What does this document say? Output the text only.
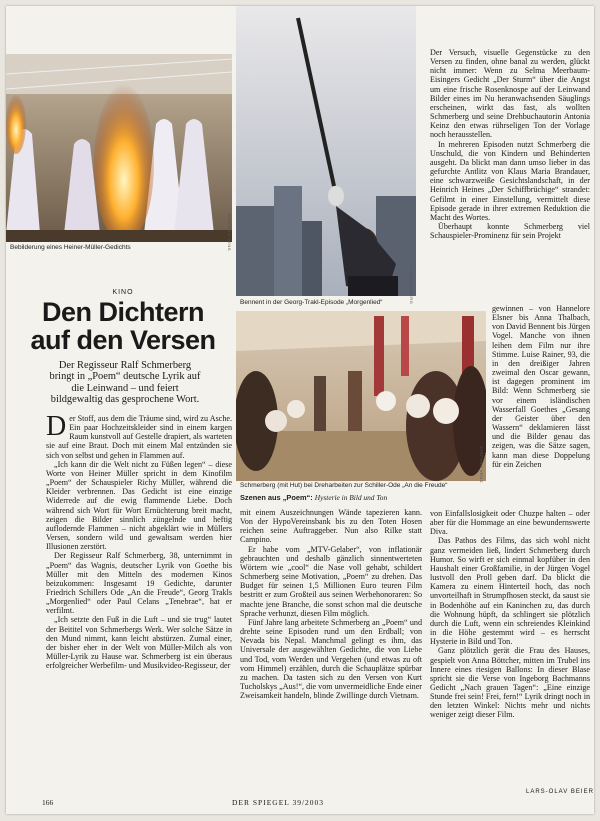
Bebilderung eines Heiner-Müller-Gedichts	STEPHAN VENS
Bennent in der Georg-Trakl-Episode „Morgenlied“	U. SCHMERBERG
STEPHAN VENS
Schmerberg (mit Hut) bei Dreharbeiten zur Schiller-Ode „An die Freude“
Szenen aus „Poem“: Hysterie in Bild und Ton
KINO
Den Dichtern
auf den Versen
Der Regisseur Ralf Schmerberg bringt in „Poem“ deutsche Lyrik auf die Leinwand – und feiert bildgewaltig das gesprochene Wort.

Der Stoff, aus dem die Träume sind, wird zu Asche. Ein paar Hochzeitskleider sind in einem kargen Raum kunstvoll auf Gestelle drapiert, als warteten sie auf eine Braut. Doch mit einem Mal entzünden sie sich von selbst und gehen in Flammen auf.

„Ich kann dir die Welt nicht zu Füßen legen“ – diese Worte von Heiner Müller spricht in dem Kinofilm „Poem“ der Schauspieler Richy Müller, während die Kleider verbrennen. Das Gedicht ist eine einzige Widerrede auf die ewig flammende Liebe. Doch während sich Wort für Wort Ernüchterung breit macht, zeigen die Bilder sinnlich züngelnde und heftig auflodernde Flammen – nicht abgeklärt wie in Müllers Versen, sondern wild und gewaltsam werden hier Illusionen zerstört.

Der Regisseur Ralf Schmerberg, 38, unternimmt in „Poem“ das Wagnis, deutscher Lyrik von Goethe bis Müller mit den Mitteln des modernen Kinos beizukommen: Insgesamt 19 Gedichte, darunter Friedrich Schillers Ode „An die Freude“, Georg Trakls „Morgenlied“ oder Paul Celans „Tenebrae“, hat er verfilmt.

„Ich setzte den Fuß in die Luft – und sie trug“ lautet der Beititel von Schmerbergs Werk. Wer solche Sätze in den Mund nimmt, kann leicht abstürzen. Zumal einer, der bisher eher in der Welt von Müller-Milch als von Müller-Lyrik zu Hause war. Schmerberg ist ein überaus erfolgreicher Werbefilm- und Musikvideo-Regisseur, der

mit einem Auszeichnungen Wände tapezieren kann. Von der HypoVereinsbank bis zu den Toten Hosen reichen seine Auftraggeber. Nun also Rilke statt Campino.

Er habe vom „MTV-Gelaber“, von inflationär gebrauchten und deshalb gänzlich sinnentwerteten Wörtern wie „cool“ die Nase voll gehabt, schildert Schmerberg seine Motivation, „Poem“ zu drehen. Das Budget für seinen 1,5 Millionen Euro teuren Film bestritt er zum Großteil aus seinen Werbehonoraren: So machte jene Branche, die sonst schon mal die deutsche Sprache verhunzt, diesen Film möglich.

Fünf Jahre lang arbeitete Schmerberg an „Poem“ und drehte seine Episoden rund um den Erdball; von Nevada bis Nepal. Manchmal gelingt es ihm, das Universale der ausgewählten Gedichte, die von Liebe und Tod, vom Werden und Vergehen (und etwas zu oft vom Himmel) erzählen, durch die Schauplätze spürbar zu machen. Da tasten sich zu den Versen von Kurt Tucholskys „Aus!“, die vom unvermeidliche Ende einer Zweisamkeit handeln, blinde Zwillinge durch Vietnam.

Der Versuch, visuelle Gegenstücke zu den Versen zu finden, ohne banal zu werden, glückt nicht immer: Wenn zu Selma Meerbaum-Eisingers Gedicht „Der Sturm“ über die Angst um eine frische Rosenknospe auf der Leinwand Bilder eines im Nu heranwachsenden Säuglings erscheinen, wirkt das fast, als wollten Schmerberg und seine Drehbuchautorin Antonia Keinz den etwas rührseligen Ton der Vorlage noch herausstellen.

In mehreren Episoden nutzt Schmerberg die Unschuld, die von Kindern und Behinderten ausgeht. Da blickt man dann umso lieber in das gefurchte Antlitz von Klaus Maria Brandauer, eine schwarzweiße Gesichtslandschaft, in der Heinrich Heines „Der Schiffbrüchige“ strandet: Gefilmt in einer Einstellung, vermittelt diese Episode gerade in ihrer extremen Reduktion die Macht des Wortes.

Überhaupt konnte Schmerberg viel Schauspieler-Prominenz für sein Projekt

gewinnen – von Hannelore Elsner bis Anna Thalbach, von David Bennent bis Jürgen Vogel. Manche von ihnen leihen dem Film nur ihre Stimme. Luise Rainer, 93, die in den dreißiger Jahren zweimal den Oscar gewann, ist dagegen prominent im Bild: Wenn Schmerberg sie vor einem isländischen Wasserfall Goethes „Gesang der Geister über den Wassern“ deklamieren lässt und die Bilder genau das zeigen, was die Sätze sagen, kann man diese Doppelung für ein Zeichen

von Einfallslosigkeit oder Chuzpe halten – oder aber für die Hommage an eine bewundernswerte Diva.

Das Pathos des Films, das sich wohl nicht ganz vermeiden ließ, lindert Schmerberg durch Humor. So wirft er sich einmal kopfüber in den Haushalt einer Großfamilie, in der Jürgen Vogel lustvoll den Proll geben darf. Da blickt die Kamera zu einem Hinterteil hoch, das noch unvorteilhaft in Strumpfhosen steckt, da saust sie in Bodenhöhe auf ein Kaninchen zu, das durch die Wohnung hüpft, da schlingert sie plötzlich durch die Luft, wenn ein schreiendes Kleinkind in die Höhe gestemmt wird – es herrscht Hysterie in Bild und Ton.

Ganz plötzlich gerät die Frau des Hauses, gespielt von Anna Böttcher, mitten im Trubel ins Innere eines riesigen Ballons: In dieser Blase spricht sie die Verse von Ingeborg Bachmanns Gedicht „Nach grauen Tagen“: „Eine einzige Stunde frei sein! Frei, fern!“ Lyrik dringt noch in den letzten Winkel: Nichts mehr und nichts weniger zeigt dieser Film.

LARS-OLAV BEIER
166	DER SPIEGEL 39/2003
